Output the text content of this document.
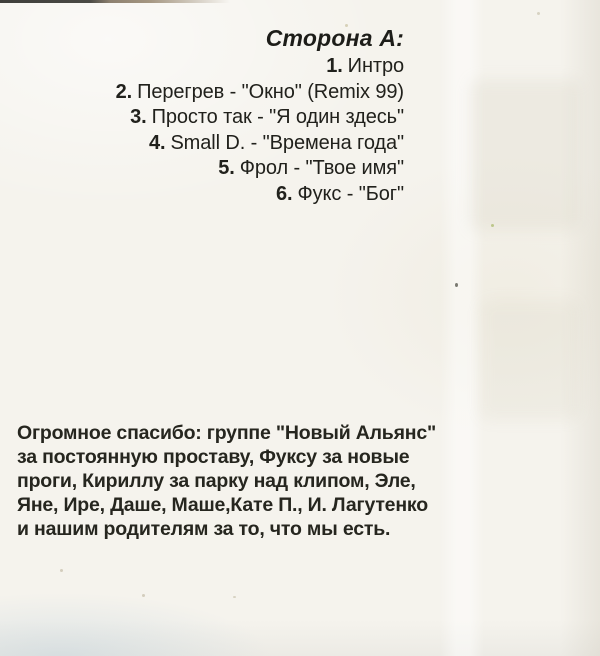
Сторона А:
1. Интро
2. Перегрев - "Окно" (Remix 99)
3. Просто так - "Я один здесь"
4. Small D. - "Времена года"
5. Фрол - "Твое имя"
6. Фукс - "Бог"
Огромное спасибо: группе "Новый Альянс"
за постоянную проставу, Фуксу за новые
проги, Кириллу за парку над клипом, Эле,
Яне, Ире, Даше, Маше,Кате П., И. Лагутенко
и нашим родителям за то, что мы есть.
